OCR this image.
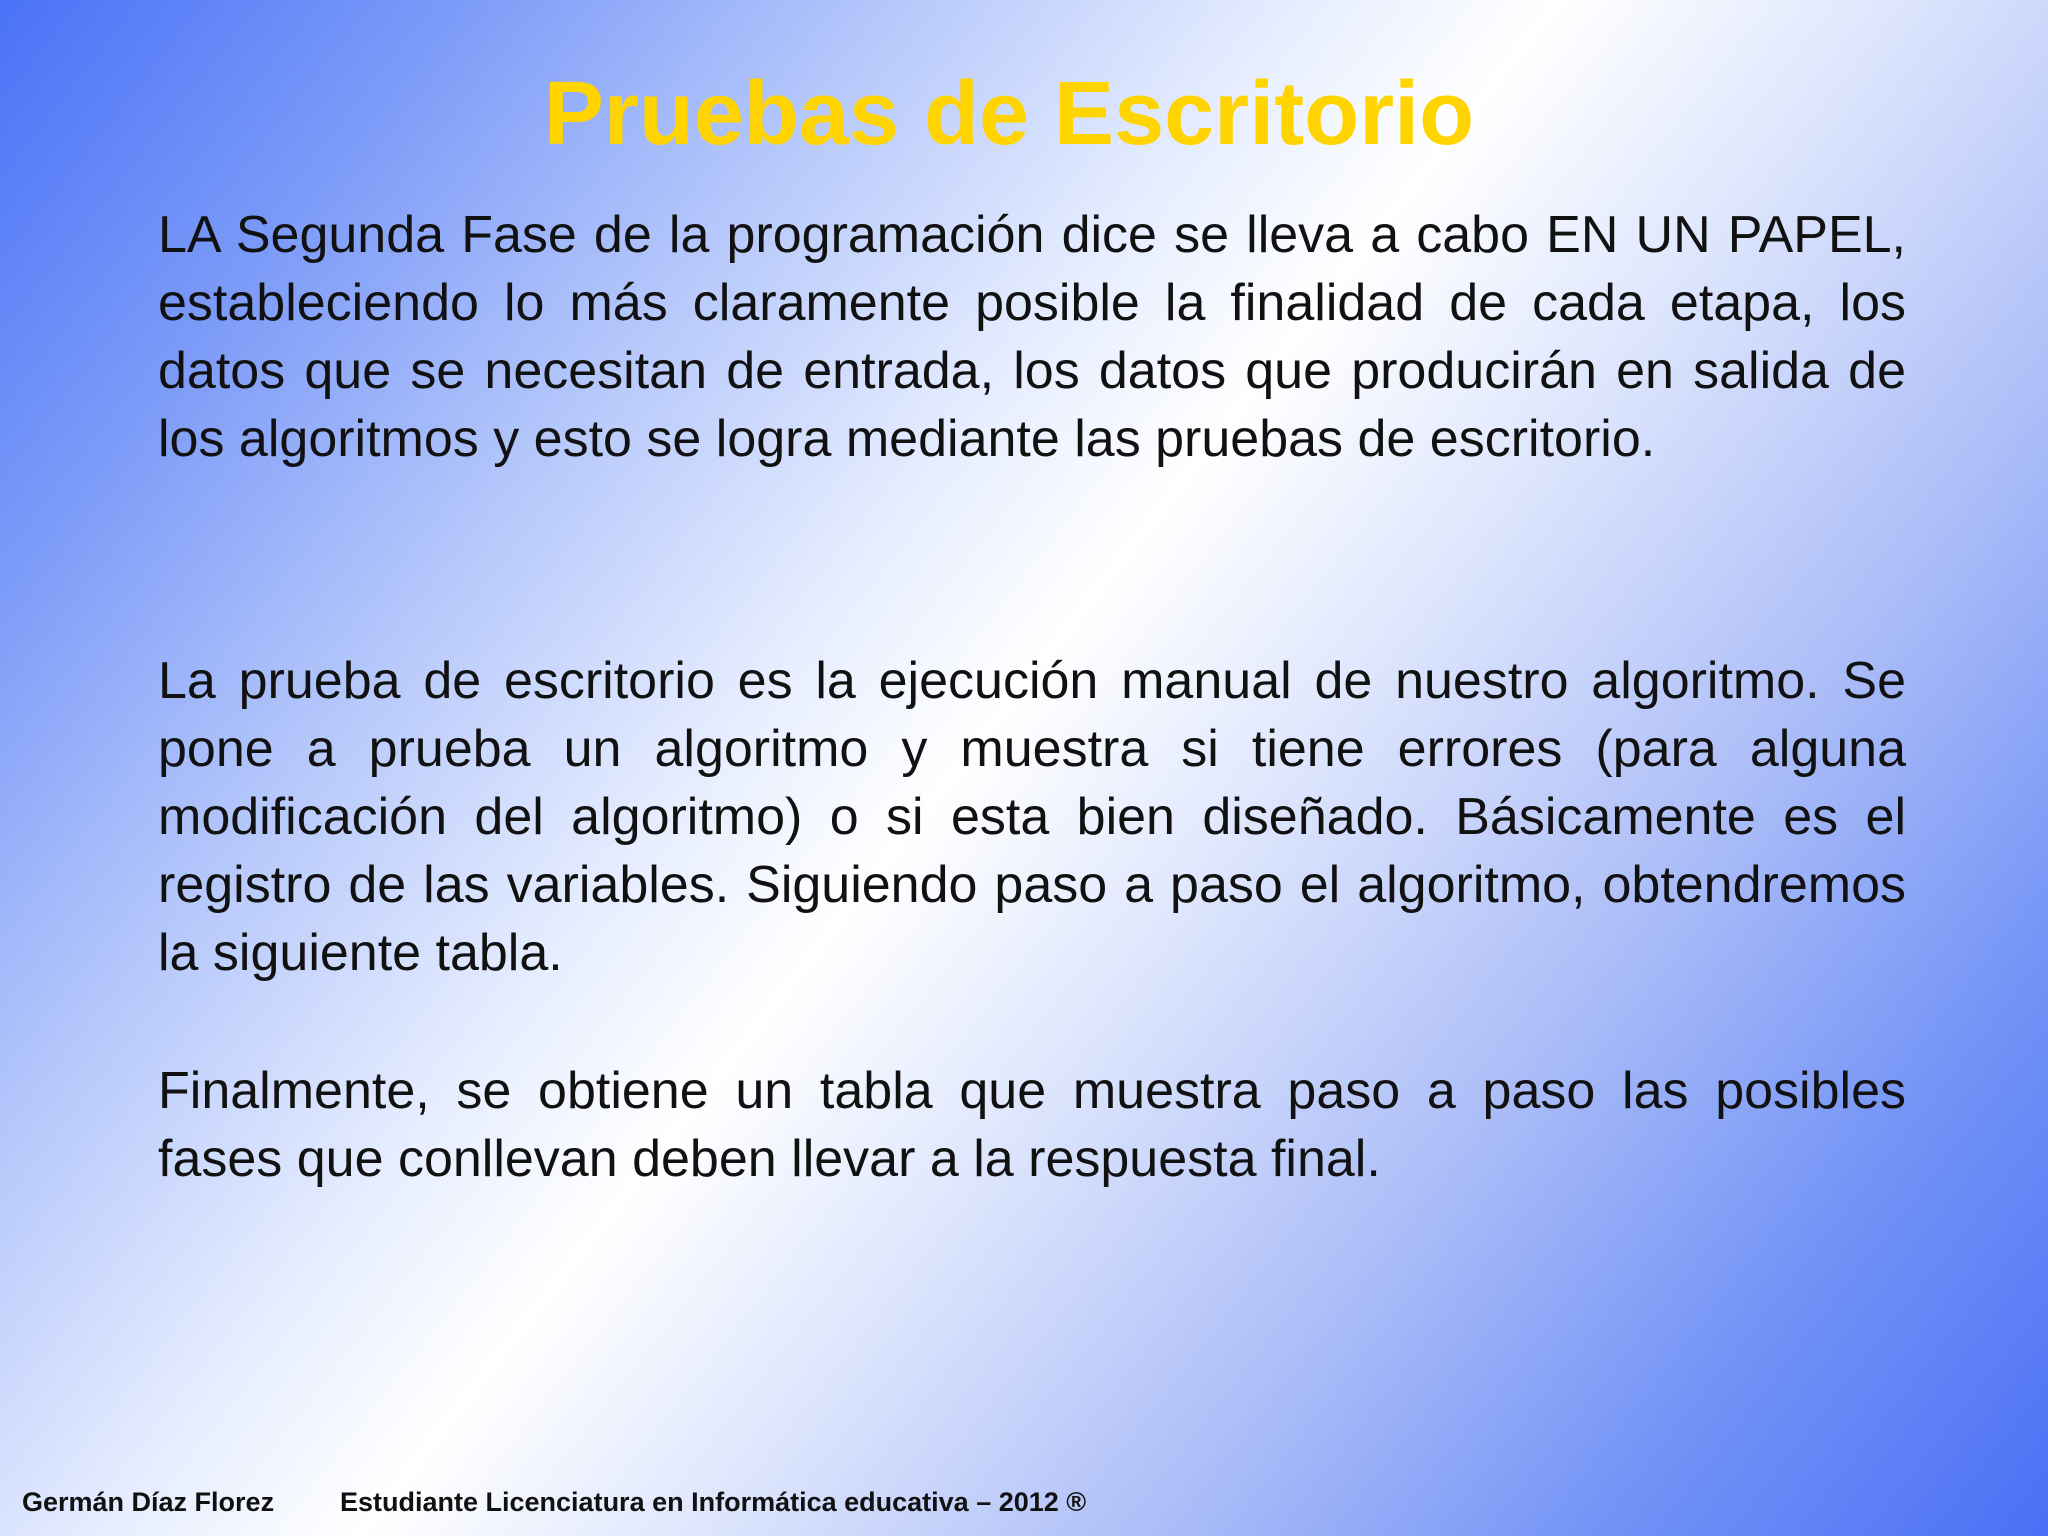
Pruebas de Escritorio

LA Segunda Fase de la programación dice se lleva a cabo EN UN PAPEL, estableciendo lo más claramente posible la finalidad de cada etapa, los datos que se necesitan de entrada, los datos que producirán en salida de los algoritmos y esto se logra mediante las pruebas de escritorio.

La prueba de escritorio es la ejecución manual de nuestro algoritmo. Se pone a prueba un algoritmo y muestra si tiene errores (para alguna modificación del algoritmo) o si esta bien diseñado. Básicamente es el registro de las variables. Siguiendo paso a paso el algoritmo, obtendremos la siguiente tabla.

Finalmente, se obtiene un tabla que muestra paso a paso las posibles fases que conllevan deben llevar a la respuesta final.

Germán Díaz Florez Estudiante Licenciatura en Informática educativa – 2012 ®
